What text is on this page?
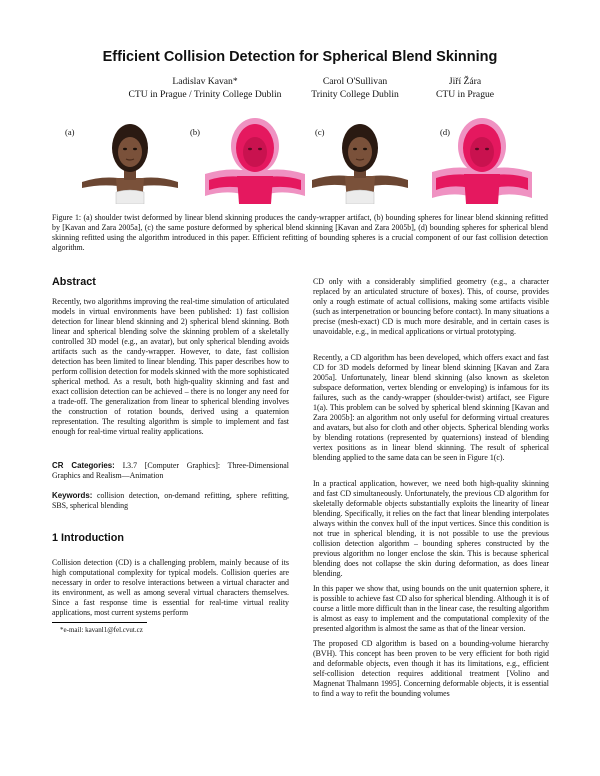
Efficient Collision Detection for Spherical Blend Skinning
Ladislav Kavan*
CTU in Prague / Trinity College Dublin
Carol O'Sullivan
Trinity College Dublin
Jiří Žára
CTU in Prague
(a)	(b)	(c)	(d)

Figure 1: (a) shoulder twist deformed by linear blend skinning produces the candy-wrapper artifact, (b) bounding spheres for linear blend skinning refitted by [Kavan and Zara 2005a], (c) the same posture deformed by spherical blend skinning [Kavan and Zara 2005b], (d) bounding spheres for spherical blend skinning refitted using the algorithm introduced in this paper. Efficient refitting of bounding spheres is a crucial component of our fast collision detection algorithm.

Abstract

Recently, two algorithms improving the real-time simulation of articulated models in virtual environments have been published: 1) fast collision detection for linear blend skinning and 2) spherical blend skinning. Both linear and spherical blending solve the skinning problem of a skeletally controlled 3D model (e.g., an avatar), but only spherical blending avoids artifacts such as the candy-wrapper. However, to date, fast collision detection has been limited to linear blending. This paper describes how to perform collision detection for models skinned with the more sophisticated spherical method. As a result, both high-quality skinning and fast and exact collision detection can be achieved – there is no longer any need for a trade-off. The generalization from linear to spherical blending involves the construction of rotation bounds, derived using a quaternion representation. The resulting algorithm is simple to implement and fast enough for real-time virtual reality applications.

CR Categories: I.3.7 [Computer Graphics]: Three-Dimensional Graphics and Realism—Animation

Keywords: collision detection, on-demand refitting, sphere refitting, SBS, spherical blending

1 Introduction

Collision detection (CD) is a challenging problem, mainly because of its high computational complexity for typical models. Collision queries are necessary in order to resolve interactions between a virtual character and its environment, as well as among several virtual characters themselves. Since a fast response time is essential for real-time virtual reality applications, most current systems perform

*e-mail: kavanl1@fel.cvut.cz

CD only with a considerably simplified geometry (e.g., a character replaced by an articulated structure of boxes). This, of course, provides only a rough estimate of actual collisions, making some artifacts visible (such as interpenetration or bouncing before contact). In many situations a precise (mesh-exact) CD is much more desirable, and in certain cases is unavoidable, e.g., in medical applications or virtual prototyping.

Recently, a CD algorithm has been developed, which offers exact and fast CD for 3D models deformed by linear blend skinning [Kavan and Zara 2005a]. Unfortunately, linear blend skinning (also known as skeleton subspace deformation, vertex blending or enveloping) is infamous for its failures, such as the candy-wrapper (shoulder-twist) artifact, see Figure 1(a). This problem can be solved by spherical blend skinning [Kavan and Zara 2005b]: an algorithm not only useful for deforming virtual creatures and avatars, but also for cloth and other objects. Spherical blending works by blending rotations (represented by quaternions) instead of blending vertex positions as in linear blend skinning. The result of spherical blending applied to the same data can be seen in Figure 1(c).

In a practical application, however, we need both high-quality skinning and fast CD simultaneously. Unfortunately, the previous CD algorithm for skeletally deformable objects substantially exploits the linearity of linear blending. Specifically, it relies on the fact that linear blending interpolates always within the convex hull of the input vertices. Since this condition is not true in spherical blending, it is not possible to use the previous collision detection algorithm – bounding spheres constructed by the previous algorithm no longer enclose the skin. This is because spherical blending does not collapse the skin during deformation, as does linear blending.

In this paper we show that, using bounds on the unit quaternion sphere, it is possible to achieve fast CD also for spherical blending. Although it is of course a little more difficult than in the linear case, the resulting algorithm is almost as easy to implement and the computational complexity of the presented algorithm is almost the same as that of the linear version.

The proposed CD algorithm is based on a bounding-volume hierarchy (BVH). This concept has been proven to be very efficient for both rigid and deformable objects, even though it has its limitations, e.g., efficient self-collision detection requires additional treatment [Volino and Magnenat Thalmann 1995]. Concerning deformable objects, it is essential to find a way to refit the bounding volumes
